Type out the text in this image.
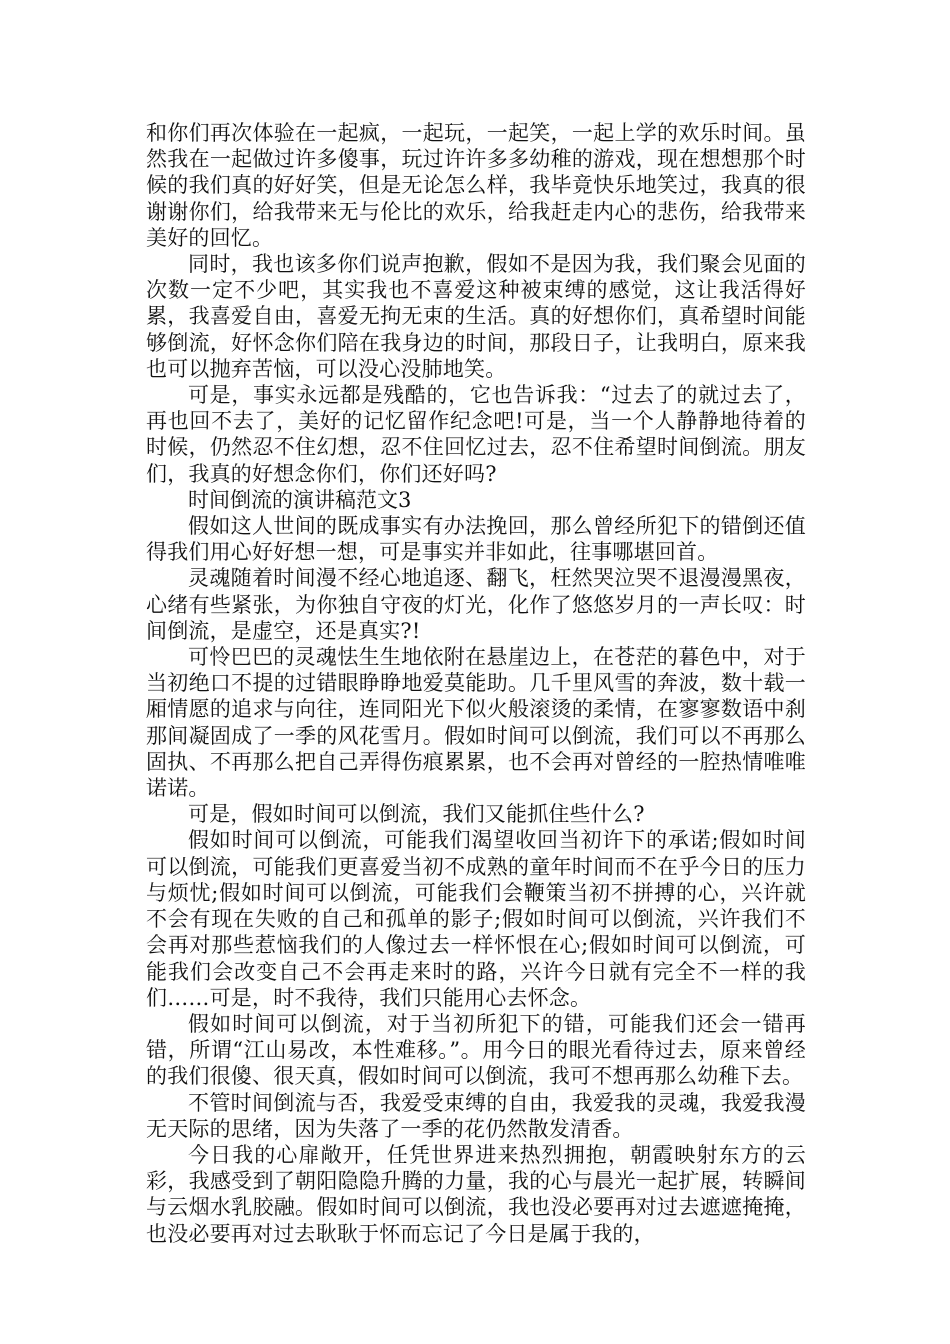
和你们再次体验在一起疯，一起玩，一起笑，一起上学的欢乐时间。虽然我在一起做过许多傻事，玩过许许多多幼稚的游戏，现在想想那个时候的我们真的好好笑，但是无论怎么样，我毕竟快乐地笑过，我真的很谢谢你们，给我带来无与伦比的欢乐，给我赶走内心的悲伤，给我带来美好的回忆。

同时，我也该多你们说声抱歉，假如不是因为我，我们聚会见面的次数一定不少吧，其实我也不喜爱这种被束缚的感觉，这让我活得好累，我喜爱自由，喜爱无拘无束的生活。真的好想你们，真希望时间能够倒流，好怀念你们陪在我身边的时间，那段日子，让我明白，原来我也可以抛弃苦恼，可以没心没肺地笑。

可是，事实永远都是残酷的，它也告诉我：“过去了的就过去了，再也回不去了，美好的记忆留作纪念吧!可是，当一个人静静地待着的时候，仍然忍不住幻想，忍不住回忆过去，忍不住希望时间倒流。朋友们，我真的好想念你们，你们还好吗?

时间倒流的演讲稿范文3

假如这人世间的既成事实有办法挽回，那么曾经所犯下的错倒还值得我们用心好好想一想，可是事实并非如此，往事哪堪回首。

灵魂随着时间漫不经心地追逐、翻飞，枉然哭泣哭不退漫漫黑夜，心绪有些紧张，为你独自守夜的灯光，化作了悠悠岁月的一声长叹：时间倒流，是虚空，还是真实?!

可怜巴巴的灵魂怯生生地依附在悬崖边上，在苍茫的暮色中，对于当初绝口不提的过错眼睁睁地爱莫能助。几千里风雪的奔波，数十载一厢情愿的追求与向往，连同阳光下似火般滚烫的柔情，在寥寥数语中刹那间凝固成了一季的风花雪月。假如时间可以倒流，我们可以不再那么固执、不再那么把自己弄得伤痕累累，也不会再对曾经的一腔热情唯唯诺诺。

可是，假如时间可以倒流，我们又能抓住些什么?

假如时间可以倒流，可能我们渴望收回当初许下的承诺;假如时间可以倒流，可能我们更喜爱当初不成熟的童年时间而不在乎今日的压力与烦忧;假如时间可以倒流，可能我们会鞭策当初不拼搏的心，兴许就不会有现在失败的自己和孤单的影子;假如时间可以倒流，兴许我们不会再对那些惹恼我们的人像过去一样怀恨在心;假如时间可以倒流，可能我们会改变自己不会再走来时的路，兴许今日就有完全不一样的我们……可是，时不我待，我们只能用心去怀念。

假如时间可以倒流，对于当初所犯下的错，可能我们还会一错再错，所谓“江山易改，本性难移。”。用今日的眼光看待过去，原来曾经的我们很傻、很天真，假如时间可以倒流，我可不想再那么幼稚下去。

不管时间倒流与否，我爱受束缚的自由，我爱我的灵魂，我爱我漫无天际的思绪，因为失落了一季的花仍然散发清香。

今日我的心扉敞开，任凭世界进来热烈拥抱，朝霞映射东方的云彩，我感受到了朝阳隐隐升腾的力量，我的心与晨光一起扩展，转瞬间与云烟水乳胶融。假如时间可以倒流，我也没必要再对过去遮遮掩掩，也没必要再对过去耿耿于怀而忘记了今日是属于我的，
